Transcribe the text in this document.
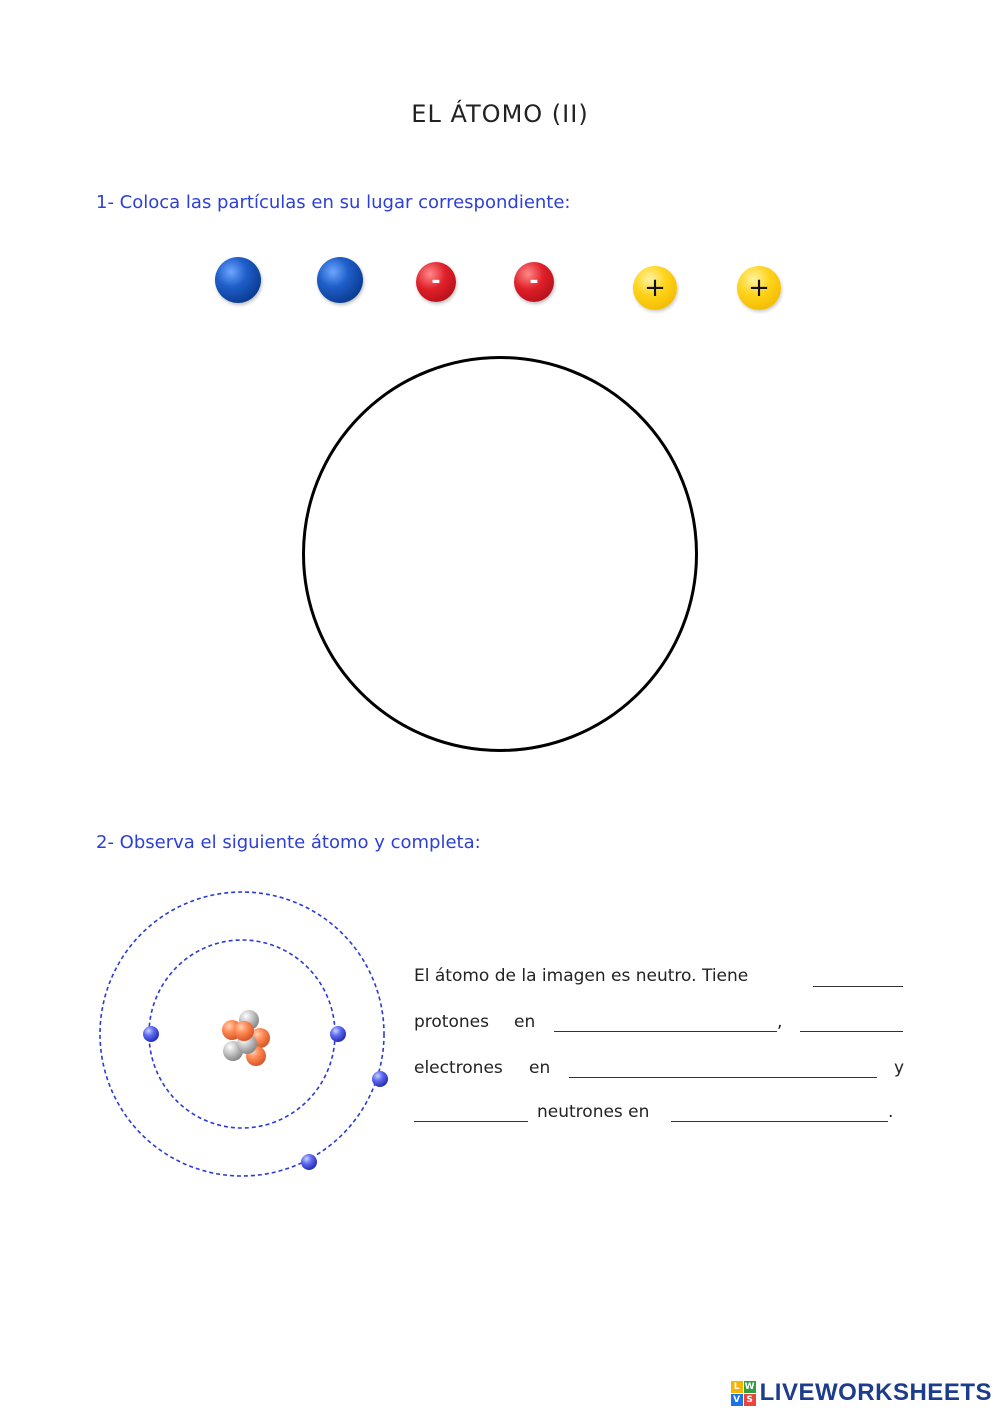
EL ÁTOMO (II)
1- Coloca las partículas en su lugar correspondiente:
-	-	+	+
2- Observa el siguiente átomo y completa:
El átomo de la imagen es neutro. Tiene
protones en	,
electrones en	y
neutrones en	.
L W
V S LIVEWORKSHEETS
